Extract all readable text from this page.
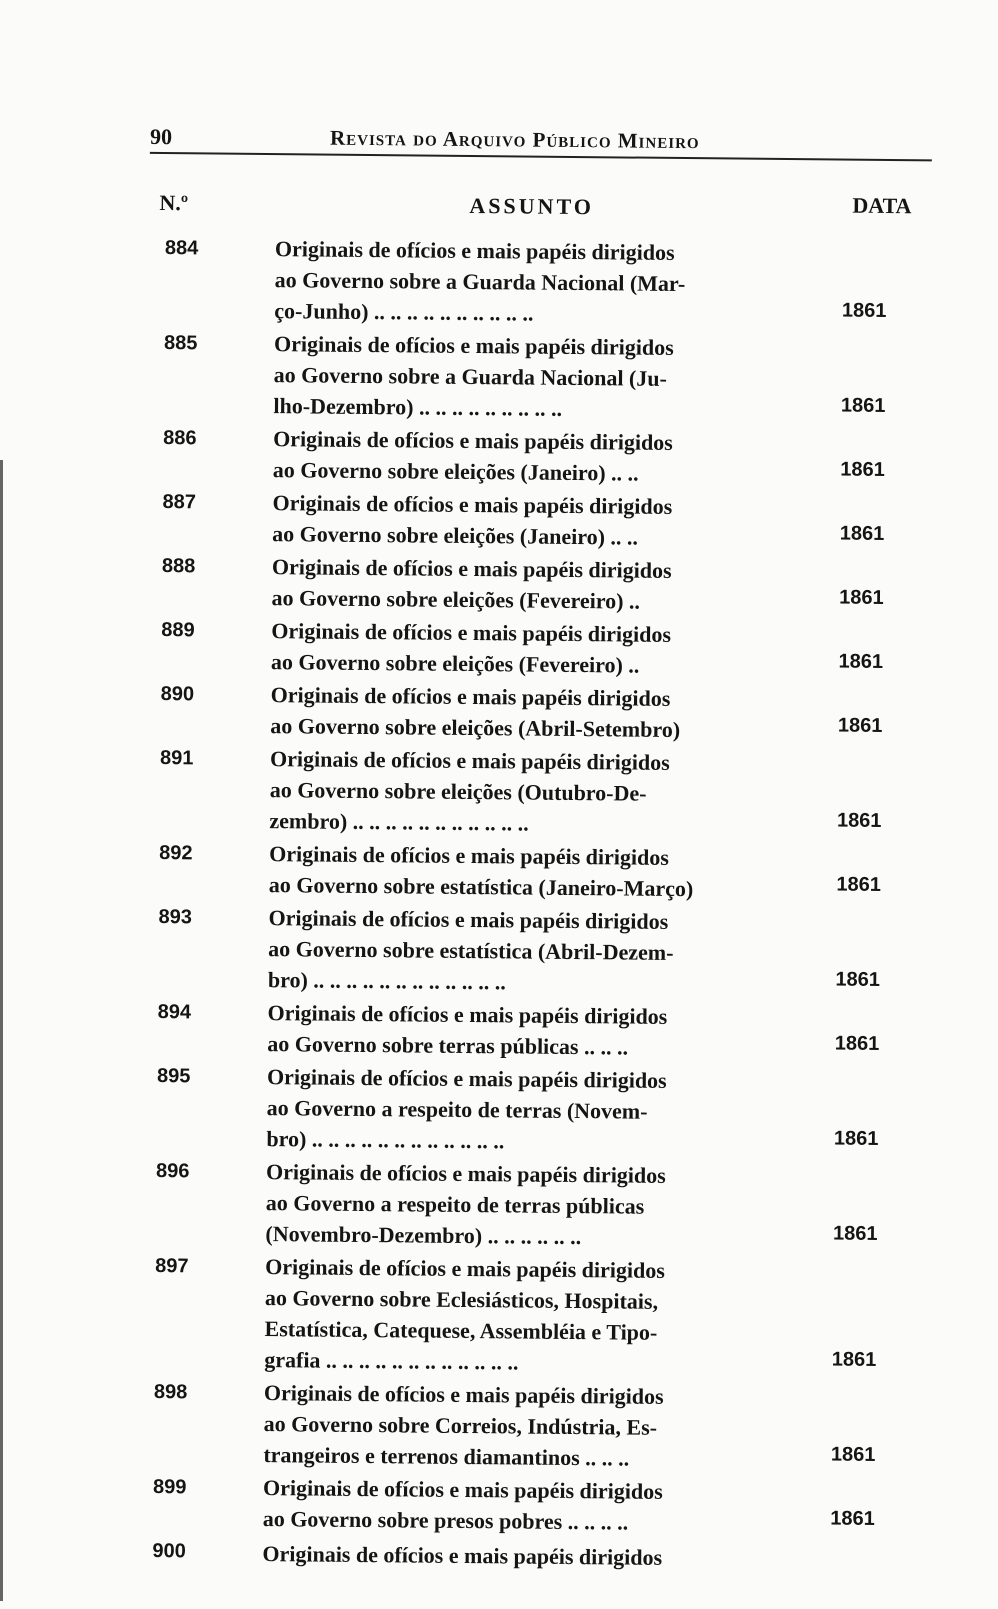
90	Revista do Arquivo Público Mineiro
N.º	ASSUNTO	DATA
884	Originais de ofícios e mais papéis dirigidos
ao Governo sobre a Guarda Nacional (Mar-
ço-Junho) .. .. .. .. .. .. .. .. .. ..	1861
885	Originais de ofícios e mais papéis dirigidos
ao Governo sobre a Guarda Nacional (Ju-
lho-Dezembro) .. .. .. .. .. .. .. .. ..	1861
886	Originais de ofícios e mais papéis dirigidos
ao Governo sobre eleições (Janeiro) .. ..	1861
887	Originais de ofícios e mais papéis dirigidos
ao Governo sobre eleições (Janeiro) .. ..	1861
888	Originais de ofícios e mais papéis dirigidos
ao Governo sobre eleições (Fevereiro) ..	1861
889	Originais de ofícios e mais papéis dirigidos
ao Governo sobre eleições (Fevereiro) ..	1861
890	Originais de ofícios e mais papéis dirigidos
ao Governo sobre eleições (Abril-Setembro)	1861
891	Originais de ofícios e mais papéis dirigidos
ao Governo sobre eleições (Outubro-De-
zembro) .. .. .. .. .. .. .. .. .. .. ..	1861
892	Originais de ofícios e mais papéis dirigidos
ao Governo sobre estatística (Janeiro-Março)	1861
893	Originais de ofícios e mais papéis dirigidos
ao Governo sobre estatística (Abril-Dezem-
bro) .. .. .. .. .. .. .. .. .. .. .. ..	1861
894	Originais de ofícios e mais papéis dirigidos
ao Governo sobre terras públicas .. .. ..	1861
895	Originais de ofícios e mais papéis dirigidos
ao Governo a respeito de terras (Novem-
bro) .. .. .. .. .. .. .. .. .. .. .. ..	1861
896	Originais de ofícios e mais papéis dirigidos
ao Governo a respeito de terras públicas
(Novembro-Dezembro) .. .. .. .. .. ..	1861
897	Originais de ofícios e mais papéis dirigidos
ao Governo sobre Eclesiásticos, Hospitais,
Estatística, Catequese, Assembléia e Tipo-
grafia .. .. .. .. .. .. .. .. .. .. .. ..	1861
898	Originais de ofícios e mais papéis dirigidos
ao Governo sobre Correios, Indústria, Es-
trangeiros e terrenos diamantinos .. .. ..	1861
899	Originais de ofícios e mais papéis dirigidos
ao Governo sobre presos pobres .. .. .. ..	1861
900	Originais de ofícios e mais papéis dirigidos
